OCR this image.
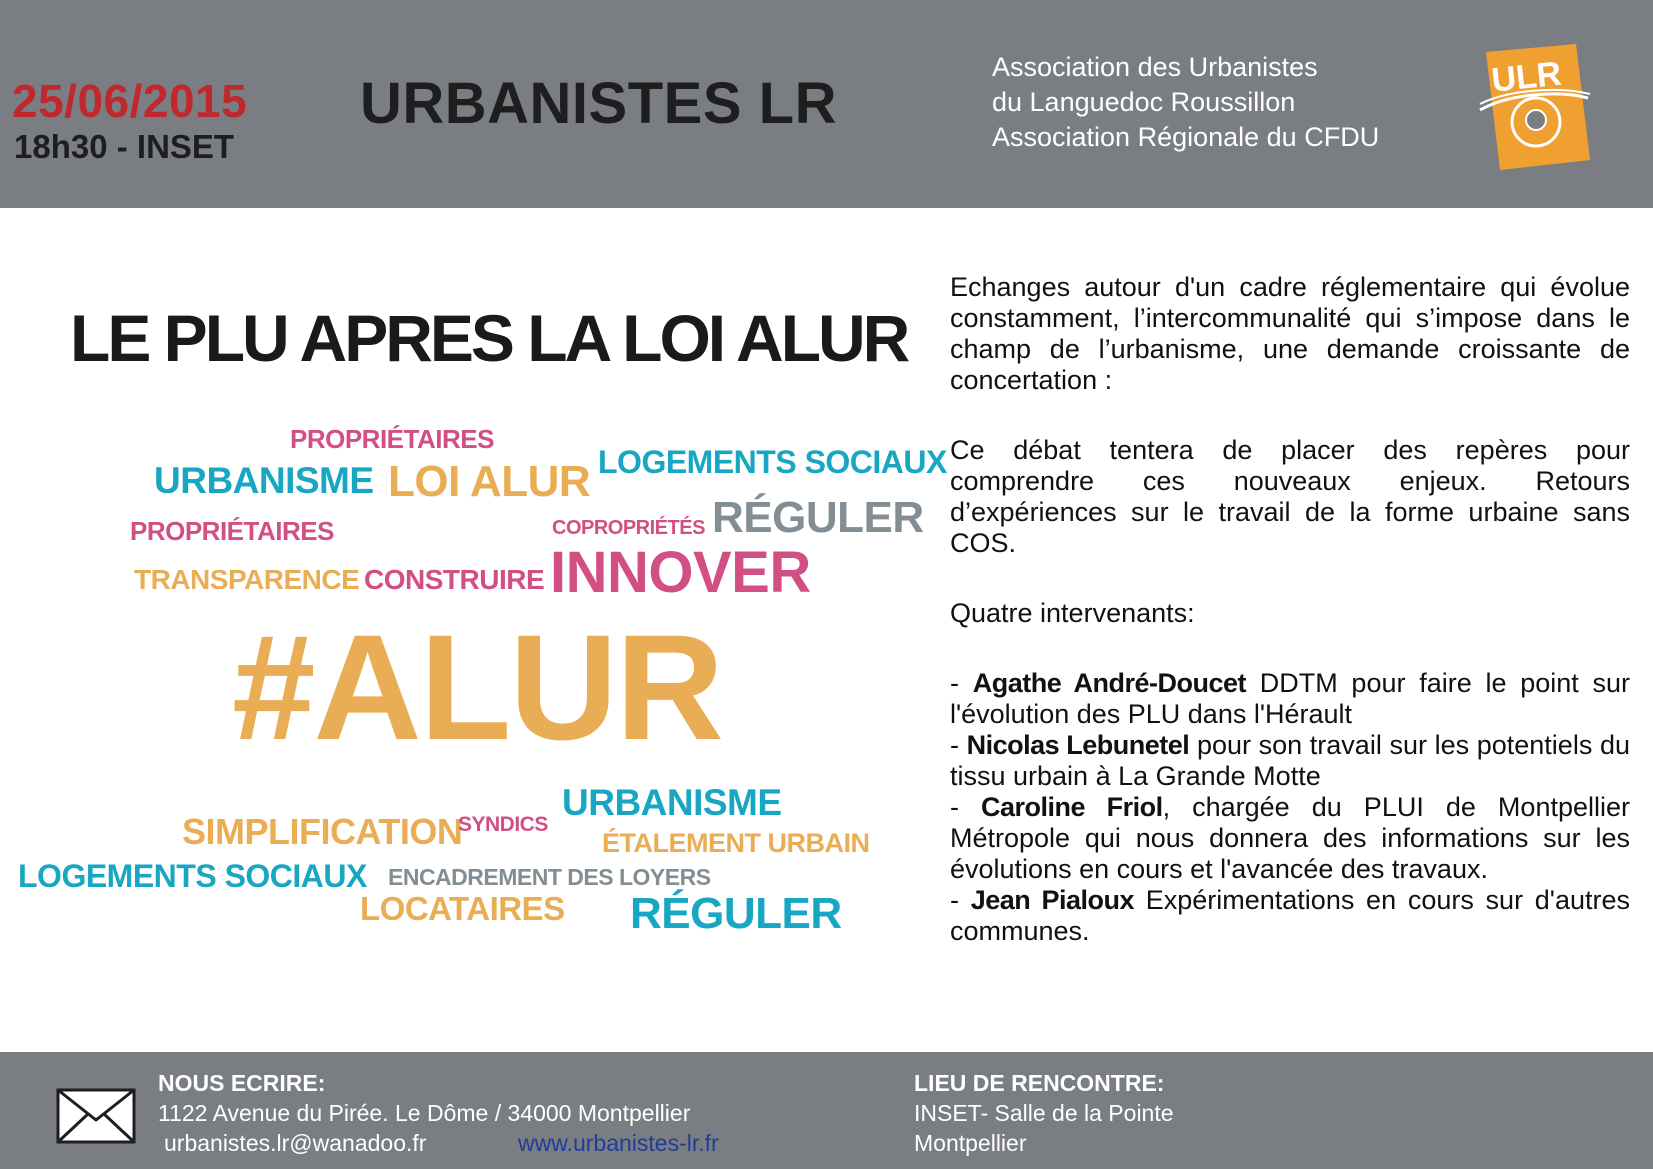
25/06/2015
18h30 - INSET
URBANISTES LR
Association des Urbanistes
du Languedoc Roussillon
Association Régionale du CFDU
ULR
LE PLU APRES LA LOI ALUR
PROPRIÉTAIRES
URBANISME LOI ALUR LOGEMENTS SOCIAUX
RÉGULER
PROPRIÉTAIRES	COPROPRIÉTÉS
TRANSPARENCE CONSTRUIRE INNOVER
#ALUR
URBANISME
SIMPLIFICATION
SYNDICS
ÉTALEMENT URBAIN
LOGEMENTS SOCIAUX ENCADREMENT DES LOYERS
LOCATAIRES RÉGULER

Echanges autour d'un cadre réglementaire qui évolue constamment, l’intercommunalité qui s’impose dans le champ de l’urbanisme, une demande croissante de concertation :

Ce débat tentera de placer des repères pour comprendre ces nouveaux enjeux. Retours d’expériences sur le travail de la forme urbaine sans COS.

Quatre intervenants:

- Agathe André-Doucet DDTM pour faire le point sur l'évolution des PLU dans l'Hérault

- Nicolas Lebunetel pour son travail sur les potentiels du tissu urbain à La Grande Motte

- Caroline Friol, chargée du PLUI de Montpellier Métropole qui nous donnera des informations sur les évolutions en cours et l'avancée des travaux.

- Jean Pialoux Expérimentations en cours sur d'autres communes.

NOUS ECRIRE:
1122 Avenue du Pirée. Le Dôme / 34000 Montpellier
urbanistes.lr@wanadoo.fr	www.urbanistes-lr.fr
LIEU DE RENCONTRE:
INSET- Salle de la Pointe
Montpellier
